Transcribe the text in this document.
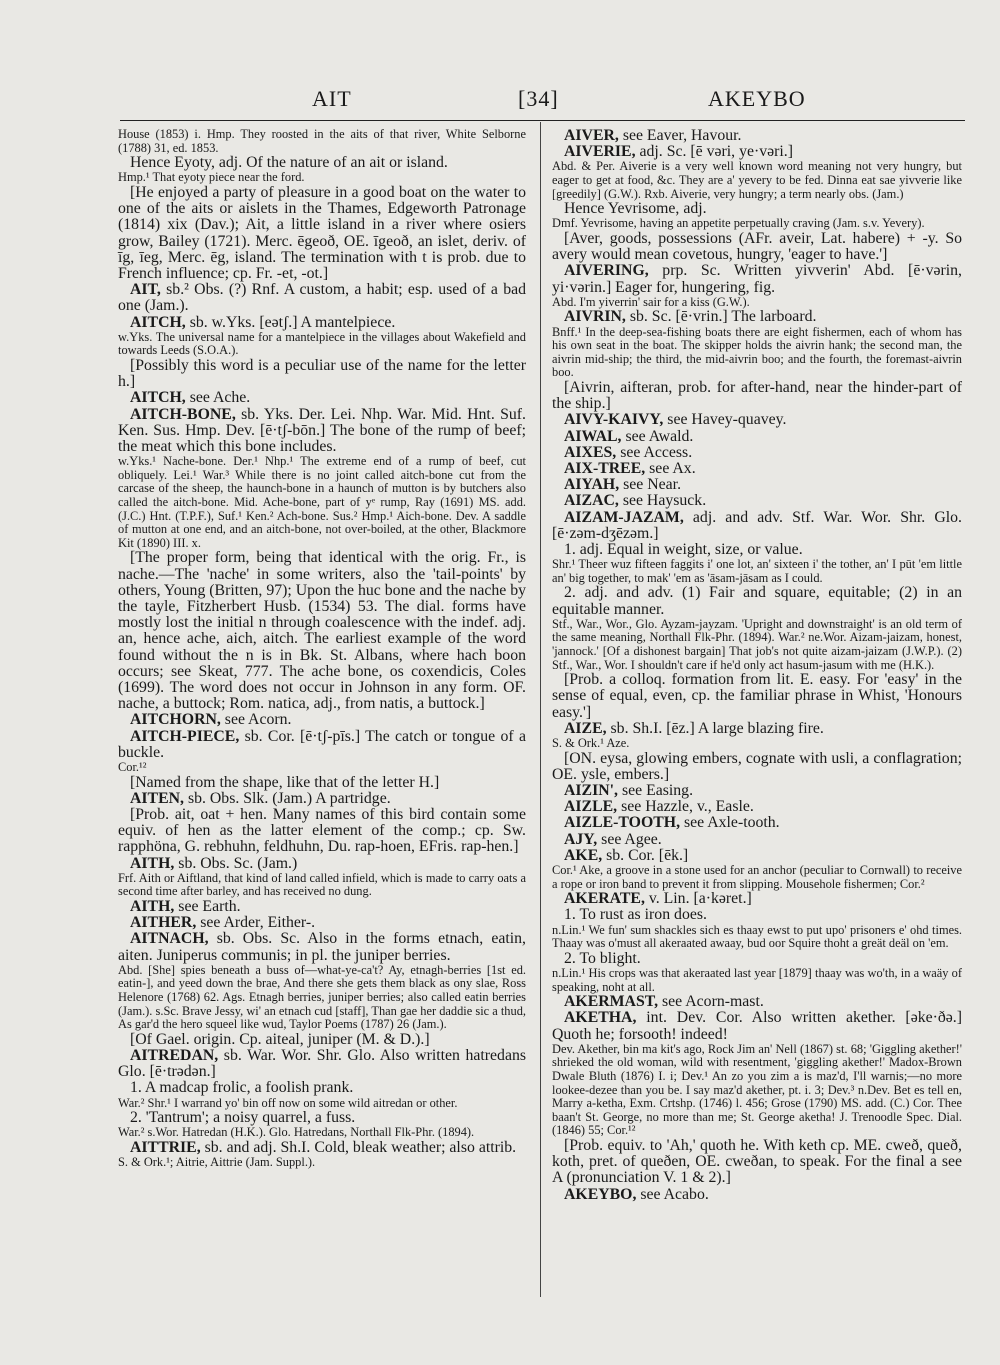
AIT	[34]	AKEYBO

House (1853) i. Hmp. They roosted in the aits of that river, White Selborne (1788) 31, ed. 1853.

Hence Eyoty, adj. Of the nature of an ait or island.

Hmp.¹ That eyoty piece near the ford.

[He enjoyed a party of pleasure in a good boat on the water to one of the aits or aislets in the Thames, Edgeworth Patronage (1814) xix (Dav.); Ait, a little island in a river where osiers grow, Bailey (1721). Merc. ēgeoð, OE. īgeoð, an islet, deriv. of īg, īeg, Merc. ēg, island. The termination with t is prob. due to French influence; cp. Fr. -et, -ot.]

AIT, sb.² Obs. (?) Rnf. A custom, a habit; esp. used of a bad one (Jam.).

AITCH, sb. w.Yks. [eətʃ.] A mantelpiece.

w.Yks. The universal name for a mantelpiece in the villages about Wakefield and towards Leeds (S.O.A.).

[Possibly this word is a peculiar use of the name for the letter h.]

AITCH, see Ache.

AITCH-BONE, sb. Yks. Der. Lei. Nhp. War. Mid. Hnt. Suf. Ken. Sus. Hmp. Dev. [ē·tʃ-bōn.] The bone of the rump of beef; the meat which this bone includes.

w.Yks.¹ Nache-bone. Der.¹ Nhp.¹ The extreme end of a rump of beef, cut obliquely. Lei.¹ War.³ While there is no joint called aitch-bone cut from the carcase of the sheep, the haunch-bone in a haunch of mutton is by butchers also called the aitch-bone. Mid. Ache-bone, part of yᵉ rump, Ray (1691) MS. add. (J.C.) Hnt. (T.P.F.), Suf.¹ Ken.² Ach-bone. Sus.² Hmp.¹ Aich-bone. Dev. A saddle of mutton at one end, and an aitch-bone, not over-boiled, at the other, Blackmore Kit (1890) III. x.

[The proper form, being that identical with the orig. Fr., is nache.—The 'nache' in some writers, also the 'tail-points' by others, Young (Britten, 97); Upon the huc bone and the nache by the tayle, Fitzherbert Husb. (1534) 53. The dial. forms have mostly lost the initial n through coalescence with the indef. adj. an, hence ache, aich, aitch. The earliest example of the word found without the n is in Bk. St. Albans, where hach boon occurs; see Skeat, 777. The ache bone, os coxendicis, Coles (1699). The word does not occur in Johnson in any form. OF. nache, a buttock; Rom. natica, adj., from natis, a buttock.]

AITCHORN, see Acorn.

AITCH-PIECE, sb. Cor. [ē·tʃ-pīs.] The catch or tongue of a buckle.

Cor.¹²

[Named from the shape, like that of the letter H.]

AITEN, sb. Obs. Slk. (Jam.) A partridge.

[Prob. ait, oat + hen. Many names of this bird contain some equiv. of hen as the latter element of the comp.; cp. Sw. rapphöna, G. rebhuhn, feldhuhn, Du. rap-hoen, EFris. rap-hen.]

AITH, sb. Obs. Sc. (Jam.)

Frf. Aith or Aiftland, that kind of land called infield, which is made to carry oats a second time after barley, and has received no dung.

AITH, see Earth.

AITHER, see Arder, Either-.

AITNACH, sb. Obs. Sc. Also in the forms etnach, eatin, aiten. Juniperus communis; in pl. the juniper berries.

Abd. [She] spies beneath a buss of—what-ye-ca't? Ay, etnagh-berries [1st ed. eatin-], and yeed down the brae, And there she gets them black as ony slae, Ross Helenore (1768) 62. Ags. Etnagh berries, juniper berries; also called eatin berries (Jam.). s.Sc. Brave Jessy, wi' an etnach cud [staff], Than gae her daddie sic a thud, As gar'd the hero squeel like wud, Taylor Poems (1787) 26 (Jam.).

[Of Gael. origin. Cp. aiteal, juniper (M. & D.).]

AITREDAN, sb. War. Wor. Shr. Glo. Also written hatredans Glo. [ē·trədən.]

1. A madcap frolic, a foolish prank.

War.² Shr.¹ I warrand yo' bin off now on some wild aitredan or other.

2. 'Tantrum'; a noisy quarrel, a fuss.

War.² s.Wor. Hatredan (H.K.). Glo. Hatredans, Northall Flk-Phr. (1894).

AITTRIE, sb. and adj. Sh.I. Cold, bleak weather; also attrib.

S. & Ork.¹; Aitrie, Aittrie (Jam. Suppl.).

AIVER, see Eaver, Havour.

AIVERIE, adj. Sc. [ē vəri, ye·vəri.]

Abd. & Per. Aiverie is a very well known word meaning not very hungry, but eager to get at food, &c. They are a' yevery to be fed. Dinna eat sae yivverie like [greedily] (G.W.). Rxb. Aiverie, very hungry; a term nearly obs. (Jam.)

Hence Yevrisome, adj.

Dmf. Yevrisome, having an appetite perpetually craving (Jam. s.v. Yevery).

[Aver, goods, possessions (AFr. aveir, Lat. habere) + -y. So avery would mean covetous, hungry, 'eager to have.']

AIVERING, prp. Sc. Written yivverin' Abd. [ē·vərin, yi·vərin.] Eager for, hungering, fig.

Abd. I'm yiverrin' sair for a kiss (G.W.).

AIVRIN, sb. Sc. [ē·vrin.] The larboard.

Bnff.¹ In the deep-sea-fishing boats there are eight fishermen, each of whom has his own seat in the boat. The skipper holds the aivrin hank; the second man, the aivrin mid-ship; the third, the mid-aivrin boo; and the fourth, the foremast-aivrin boo.

[Aivrin, aifteran, prob. for after-hand, near the hinder-part of the ship.]

AIVY-KAIVY, see Havey-quavey.

AIWAL, see Awald.

AIXES, see Access.

AIX-TREE, see Ax.

AIYAH, see Near.

AIZAC, see Haysuck.

AIZAM-JAZAM, adj. and adv. Stf. War. Wor. Shr. Glo. [ē·zəm-dʒēzəm.]

1. adj. Equal in weight, size, or value.

Shr.¹ Theer wuz fifteen faggits i' one lot, an' sixteen i' the tother, an' I pūt 'em little an' big together, to mak' 'em as 'āsam-jāsam as I could.

2. adj. and adv. (1) Fair and square, equitable; (2) in an equitable manner.

Stf., War., Wor., Glo. Ayzam-jayzam. 'Upright and downstraight' is an old term of the same meaning, Northall Flk-Phr. (1894). War.² ne.Wor. Aizam-jaizam, honest, 'jannock.' [Of a dishonest bargain] That job's not quite aizam-jaizam (J.W.P.). (2) Stf., War., Wor. I shouldn't care if he'd only act hasum-jasum with me (H.K.).

[Prob. a colloq. formation from lit. E. easy. For 'easy' in the sense of equal, even, cp. the familiar phrase in Whist, 'Honours easy.']

AIZE, sb. Sh.I. [ēz.] A large blazing fire.

S. & Ork.¹ Aze.

[ON. eysa, glowing embers, cognate with usli, a conflagration; OE. ysle, embers.]

AIZIN', see Easing.

AIZLE, see Hazzle, v., Easle.

AIZLE-TOOTH, see Axle-tooth.

AJY, see Agee.

AKE, sb. Cor. [ēk.]

Cor.¹ Ake, a groove in a stone used for an anchor (peculiar to Cornwall) to receive a rope or iron band to prevent it from slipping. Mousehole fishermen; Cor.²

AKERATE, v. Lin. [a·kəret.]

1. To rust as iron does.

n.Lin.¹ We fun' sum shackles sich es thaay ewst to put upo' prisoners e' ohd times. Thaay was o'must all akeraated awaay, bud oor Squire thoht a greät deäl on 'em.

2. To blight.

n.Lin.¹ His crops was that akeraated last year [1879] thaay was wo'th, in a waäy of speaking, noht at all.

AKERMAST, see Acorn-mast.

AKETHA, int. Dev. Cor. Also written akether. [əke·ðə.] Quoth he; forsooth! indeed!

Dev. Akether, bin ma kit's ago, Rock Jim an' Nell (1867) st. 68; 'Giggling akether!' shrieked the old woman, wild with resentment, 'giggling akether!' Madox-Brown Dwale Bluth (1876) I. i; Dev.¹ An zo you zim a is maz'd, I'll warnis;—no more lookee-dezee than you be. I say maz'd akether, pt. i. 3; Dev.³ n.Dev. Bet es tell en, Marry a-ketha, Exm. Crtshp. (1746) l. 456; Grose (1790) MS. add. (C.) Cor. Thee baan't St. George, no more than me; St. George aketha! J. Trenoodle Spec. Dial. (1846) 55; Cor.¹²

[Prob. equiv. to 'Ah,' quoth he. With keth cp. ME. cweð, queð, koth, pret. of queðen, OE. cweðan, to speak. For the final a see A (pronunciation V. 1 & 2).]

AKEYBO, see Acabo.
